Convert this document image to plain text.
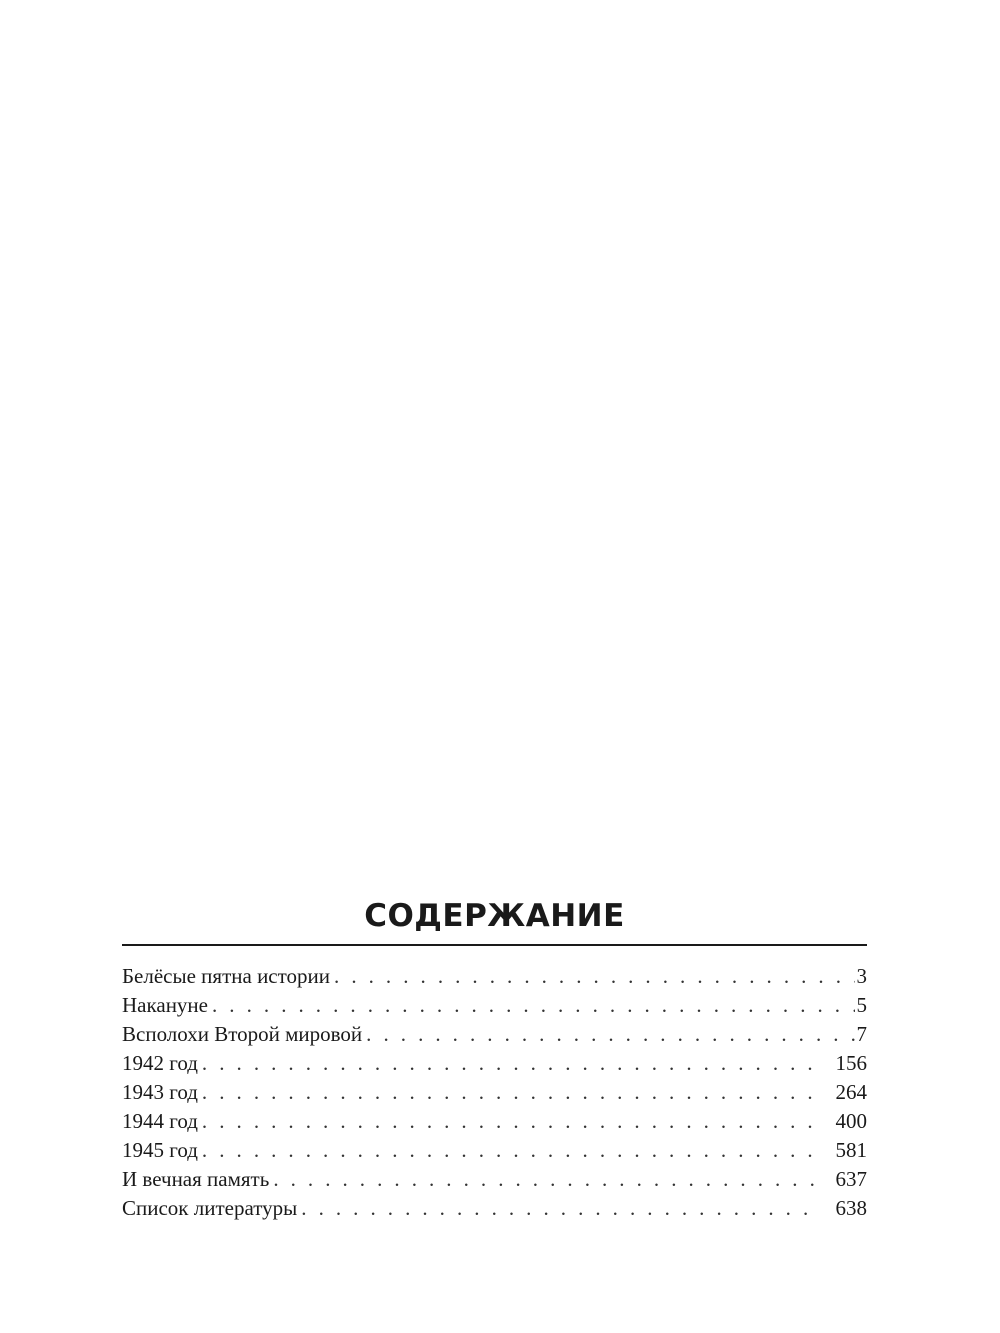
СОДЕРЖАНИЕ
Белёсые пятна истории . . .	3
Накануне . . .	5
Всполохи Второй мировой . . .	7
1942 год . . .	156
1943 год . . .	264
1944 год . . .	400
1945 год . . .	581
И вечная память . . .	637
Список литературы . . .	638
